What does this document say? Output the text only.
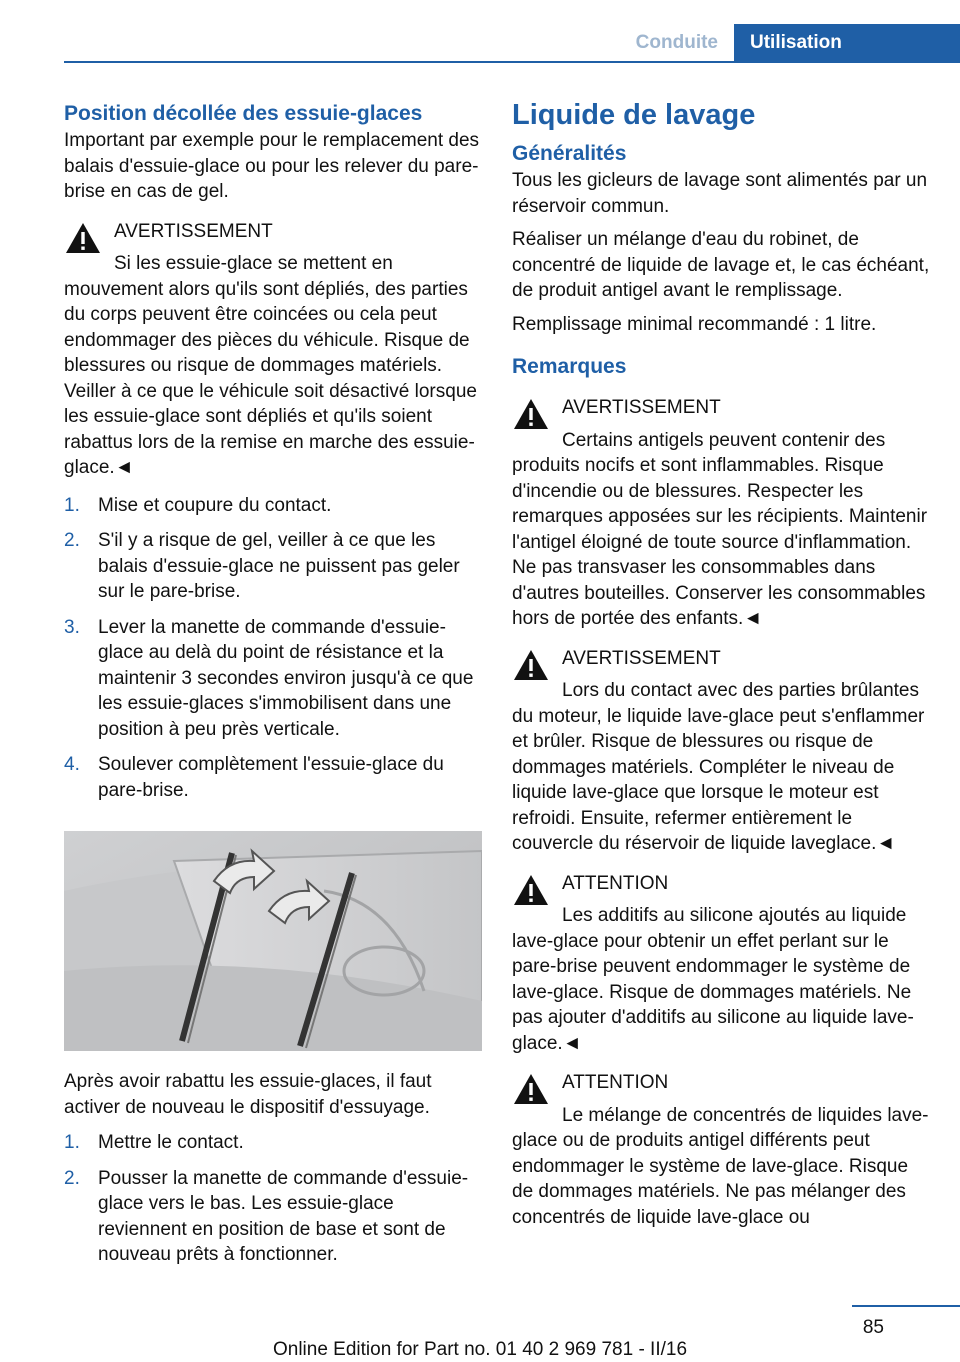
Conduite	Utilisation
Position décollée des essuie-glaces

Important par exemple pour le remplacement des balais d'essuie-glace ou pour les relever du pare-brise en cas de gel.

AVERTISSEMENT
Si les essuie-glace se mettent en mouvement alors qu'ils sont dépliés, des parties du corps peuvent être coincées ou cela peut endommager des pièces du véhicule. Risque de blessures ou risque de dommages matériels. Veiller à ce que le véhicule soit désactivé lorsque les essuie-glace sont dépliés et qu'ils soient rabattus lors de la remise en marche des essuie-glace.◄
1. Mise et coupure du contact.
2. S'il y a risque de gel, veiller à ce que les balais d'essuie-glace ne puissent pas geler sur le pare-brise.
3. Lever la manette de commande d'essuie-glace au delà du point de résistance et la maintenir 3 secondes environ jusqu'à ce que les essuie-glaces s'immobilisent dans une position à peu près verticale.
4. Soulever complètement l'essuie-glace du pare-brise.

Après avoir rabattu les essuie-glaces, il faut activer de nouveau le dispositif d'essuyage.

1. Mettre le contact.
2. Pousser la manette de commande d'essuie-glace vers le bas. Les essuie-glace reviennent en position de base et sont de nouveau prêts à fonctionner.
Liquide de lavage
Généralités

Tous les gicleurs de lavage sont alimentés par un réservoir commun.

Réaliser un mélange d'eau du robinet, de concentré de liquide de lavage et, le cas échéant, de produit antigel avant le remplissage.

Remplissage minimal recommandé : 1 litre.

Remarques
AVERTISSEMENT
Certains antigels peuvent contenir des produits nocifs et sont inflammables. Risque d'incendie ou de blessures. Respecter les remarques apposées sur les récipients. Maintenir l'antigel éloigné de toute source d'inflammation. Ne pas transvaser les consommables dans d'autres bouteilles. Conserver les consommables hors de portée des enfants.◄
AVERTISSEMENT
Lors du contact avec des parties brûlantes du moteur, le liquide lave-glace peut s'enflammer et brûler. Risque de blessures ou risque de dommages matériels. Compléter le niveau de liquide lave-glace que lorsque le moteur est refroidi. Ensuite, refermer entièrement le couvercle du réservoir de liquide laveglace.◄
ATTENTION
Les additifs au silicone ajoutés au liquide lave-glace pour obtenir un effet perlant sur le pare-brise peuvent endommager le système de lave-glace. Risque de dommages matériels. Ne pas ajouter d'additifs au silicone au liquide lave-glace.◄
ATTENTION
Le mélange de concentrés de liquides lave-glace ou de produits antigel différents peut endommager le système de lave-glace. Risque de dommages matériels. Ne pas mélanger des concentrés de liquide lave-glace ou
85
Online Edition for Part no. 01 40 2 969 781 - II/16
